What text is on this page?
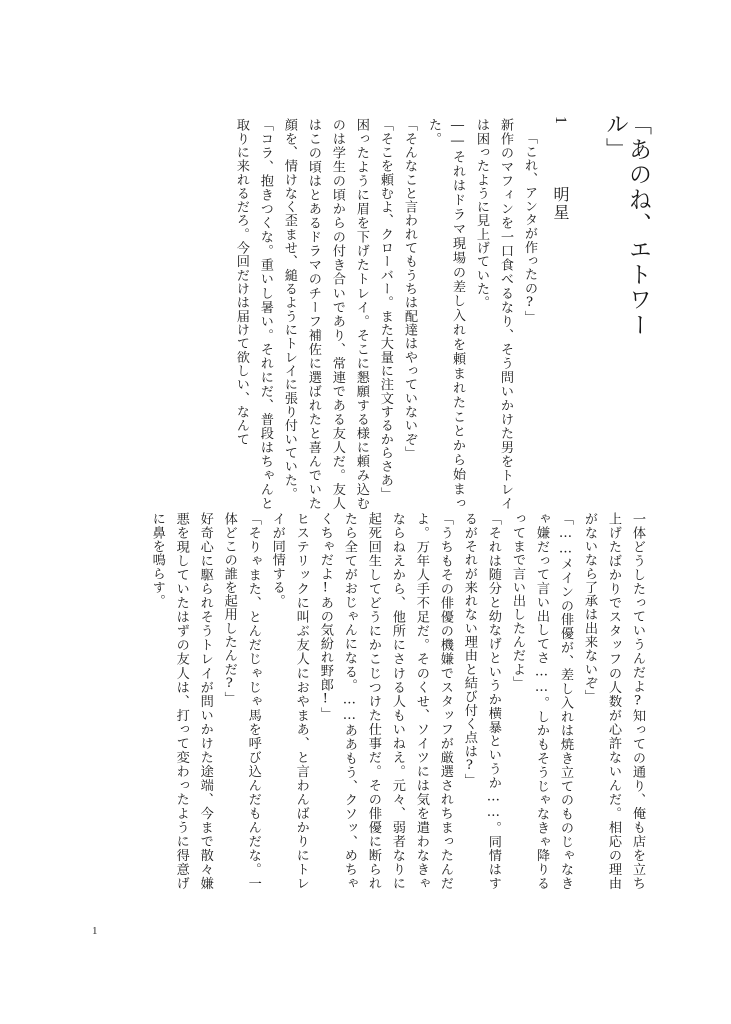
「あのね、エトワール」
1  明星

「これ、アンタが作ったの?」

新作のマフィンを一口食べるなり、そう問いかけた男をトレイは困ったように見上げていた。

――それはドラマ現場の差し入れを頼まれたことから始まった。

「そんなこと言われてもうちは配達はやっていないぞ」

「そこを頼むよ、クローバー。また大量に注文するからさあ」

困ったように眉を下げたトレイ。そこに懇願する様に頼み込むのは学生の頃からの付き合いであり、常連である友人だ。友人はこの頃はとあるドラマのチーフ補佐に選ばれたと喜んでいた顔を、情けなく歪ませ、縋るようにトレイに張り付いていた。

「コラ、抱きつくな。重いし暑い。それにだ、普段はちゃんと取りに来れるだろ。今回だけは届けて欲しい、なんて

一体どうしたっていうんだよ?知っての通り、俺も店を立ち上げたばかりでスタッフの人数が心許ないんだ。相応の理由がないなら了承は出来ないぞ」

「……メインの俳優が、差し入れは焼き立てのものじゃなきゃ嫌だって言い出してさ……。しかもそうじゃなきゃ降りるってまで言い出したんだよ」

「それは随分と幼なげというか横暴というか……。同情はするがそれが来れない理由と結び付く点は?」

「うちもその俳優の機嫌でスタッフが厳選されちまったんだよ。万年人手不足だ。そのくせ、ソイツには気を遣わなきゃならねえから、他所にさける人もいねえ。元々、弱者なりに起死回生してどうにかこじつけた仕事だ。その俳優に断られたら全てがおじゃんになる。……ああもう、クソッ、めちゃくちゃだよ!あの気紛れ野郎!」

ヒステリックに叫ぶ友人におやまあ、と言わんばかりにトレイが同情する。

「そりゃまた、とんだじゃじゃ馬を呼び込んだもんだな。一体どこの誰を起用したんだ?」

好奇心に駆られそうトレイが問いかけた途端、今まで散々嫌悪を現していたはずの友人は、打って変わったように得意げに鼻を鳴らす。

1
